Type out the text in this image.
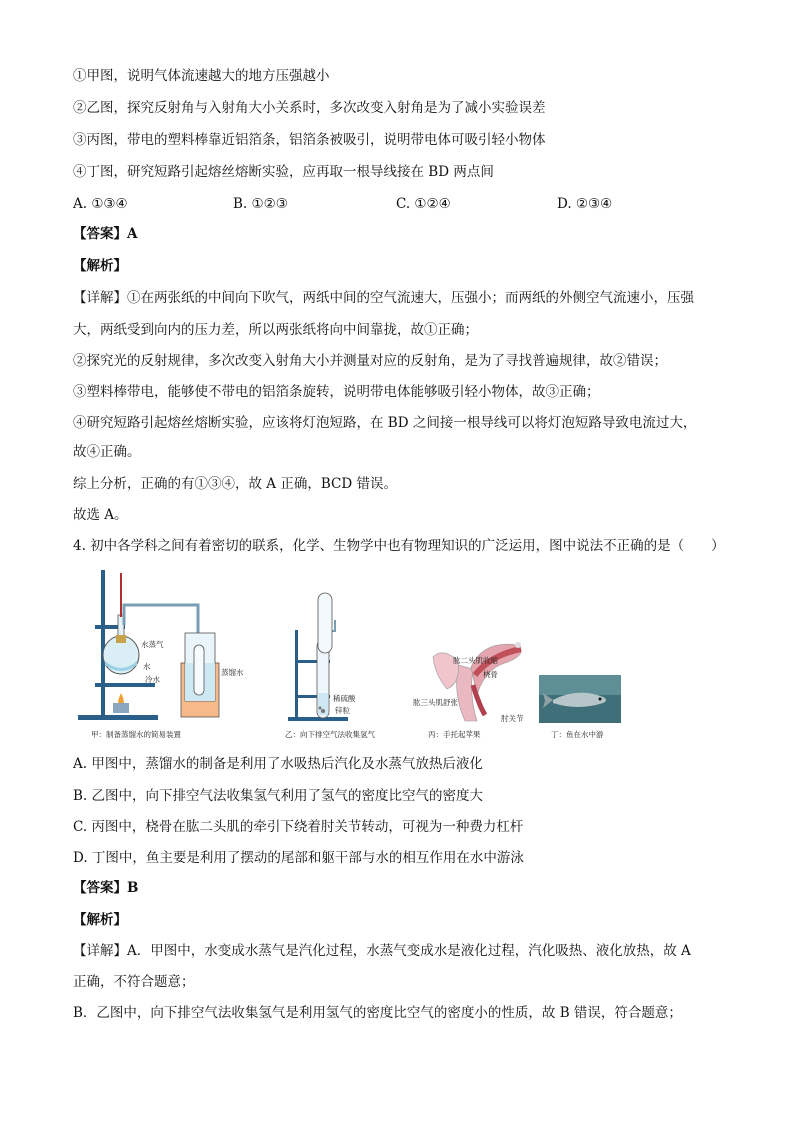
①甲图，说明气体流速越大的地方压强越小
②乙图，探究反射角与入射角大小关系时，多次改变入射角是为了减小实验误差
③丙图，带电的塑料棒靠近铝箔条，铝箔条被吸引，说明带电体可吸引轻小物体
④丁图，研究短路引起熔丝熔断实验，应再取一根导线接在 BD 两点间
A. ①③④	B. ①②③	C. ①②④	D. ②③④
【答案】A
【解析】
【详解】①在两张纸的中间向下吹气，两纸中间的空气流速大，压强小；而两纸的外侧空气流速小，压强
大，两纸受到向内的压力差，所以两张纸将向中间靠拢，故①正确；
②探究光的反射规律，多次改变入射角大小并测量对应的反射角，是为了寻找普遍规律，故②错误；
③塑料棒带电，能够使不带电的铝箔条旋转，说明带电体能够吸引轻小物体，故③正确；
④研究短路引起熔丝熔断实验，应该将灯泡短路，在 BD 之间接一根导线可以将灯泡短路导致电流过大，
故④正确。
综上分析，正确的有①③④，故 A 正确，BCD 错误。
故选 A。
4. 初中各学科之间有着密切的联系，化学、生物学中也有物理知识的广泛运用，图中说法不正确的是（　　）
水蒸气
水
冷水
蒸馏水
甲：制备蒸馏水的简易装置
稀硫酸
锌粒
乙：向下排空气法收集氢气
肱二头肌收缩
桡骨
肱三头肌舒张
肘关节
丙：手托起苹果	丁：鱼在水中游
A. 甲图中，蒸馏水的制备是利用了水吸热后汽化及水蒸气放热后液化
B. 乙图中，向下排空气法收集氢气利用了氢气的密度比空气的密度大
C. 丙图中，桡骨在肱二头肌的牵引下绕着肘关节转动，可视为一种费力杠杆
D. 丁图中，鱼主要是利用了摆动的尾部和躯干部与水的相互作用在水中游泳
【答案】B
【解析】
【详解】A．甲图中，水变成水蒸气是汽化过程，水蒸气变成水是液化过程，汽化吸热、液化放热，故 A
正确，不符合题意；
B．乙图中，向下排空气法收集氢气是利用氢气的密度比空气的密度小的性质，故 B 错误，符合题意；
